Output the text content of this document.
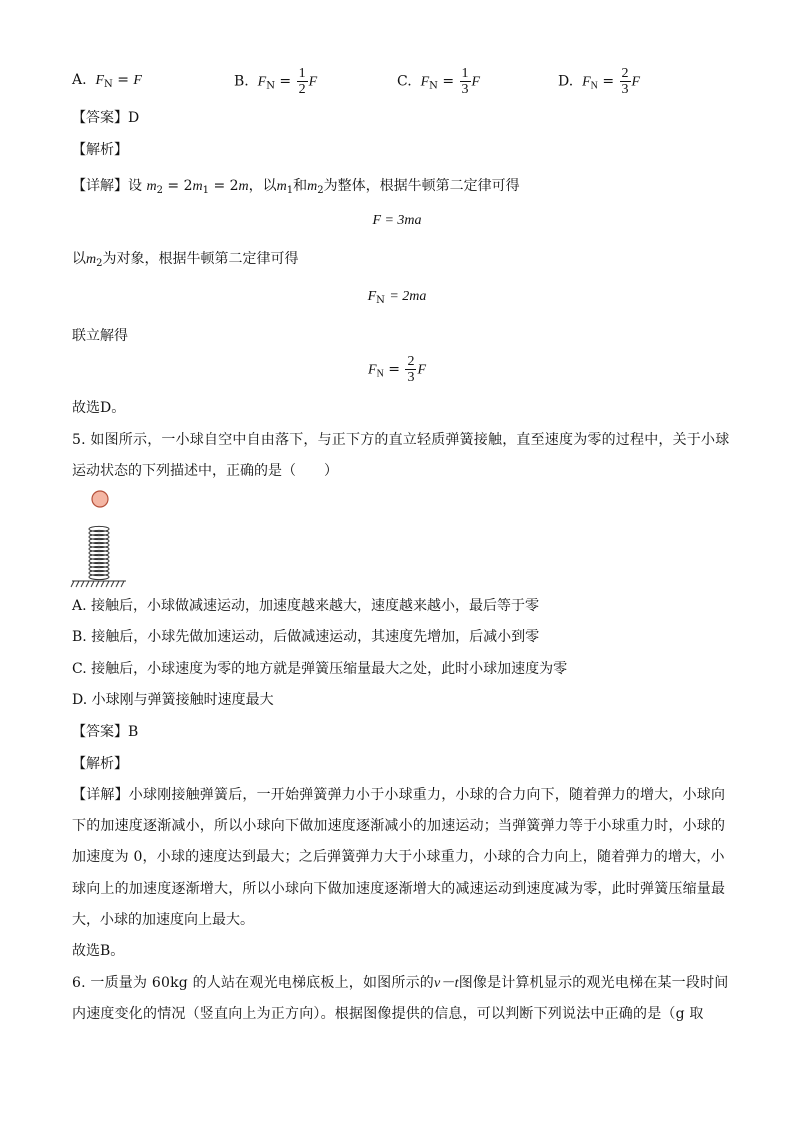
A. $F_N = F$	B. $F_N = \frac{1}{2}$ F	C. $F_N = \frac{1}{3}$ F	D. $F_N = \frac{2}{3}$ F
【答案】D
【解析】
【详解】设 $m_2 = 2m_1 = 2m$，以$m_1$和$m_2$为整体，根据牛顿第二定律可得
F = 3ma
以$m_2$为对象，根据牛顿第二定律可得
$F_N = 2ma$
联立解得
$F_N = \frac{2}{3}$ F
故选D。
5. 如图所示，一小球自空中自由落下，与正下方的直立轻质弹簧接触，直至速度为零的过程中，关于小球
运动状态的下列描述中，正确的是（　　）
A. 接触后，小球做减速运动，加速度越来越大，速度越来越小，最后等于零
B. 接触后，小球先做加速运动，后做减速运动，其速度先增加，后减小到零
C. 接触后，小球速度为零的地方就是弹簧压缩量最大之处，此时小球加速度为零
D. 小球刚与弹簧接触时速度最大
【答案】B
【解析】
【详解】小球刚接触弹簧后，一开始弹簧弹力小于小球重力，小球的合力向下，随着弹力的增大，小球向
下的加速度逐渐减小，所以小球向下做加速度逐渐减小的加速运动；当弹簧弹力等于小球重力时，小球的
加速度为 0，小球的速度达到最大；之后弹簧弹力大于小球重力，小球的合力向上，随着弹力的增大，小
球向上的加速度逐渐增大，所以小球向下做加速度逐渐增大的减速运动到速度减为零，此时弹簧压缩量最
大，小球的加速度向上最大。
故选B。
6. 一质量为 60kg 的人站在观光电梯底板上，如图所示的v－t图像是计算机显示的观光电梯在某一段时间
内速度变化的情况（竖直向上为正方向）。根据图像提供的信息，可以判断下列说法中正确的是（g 取
